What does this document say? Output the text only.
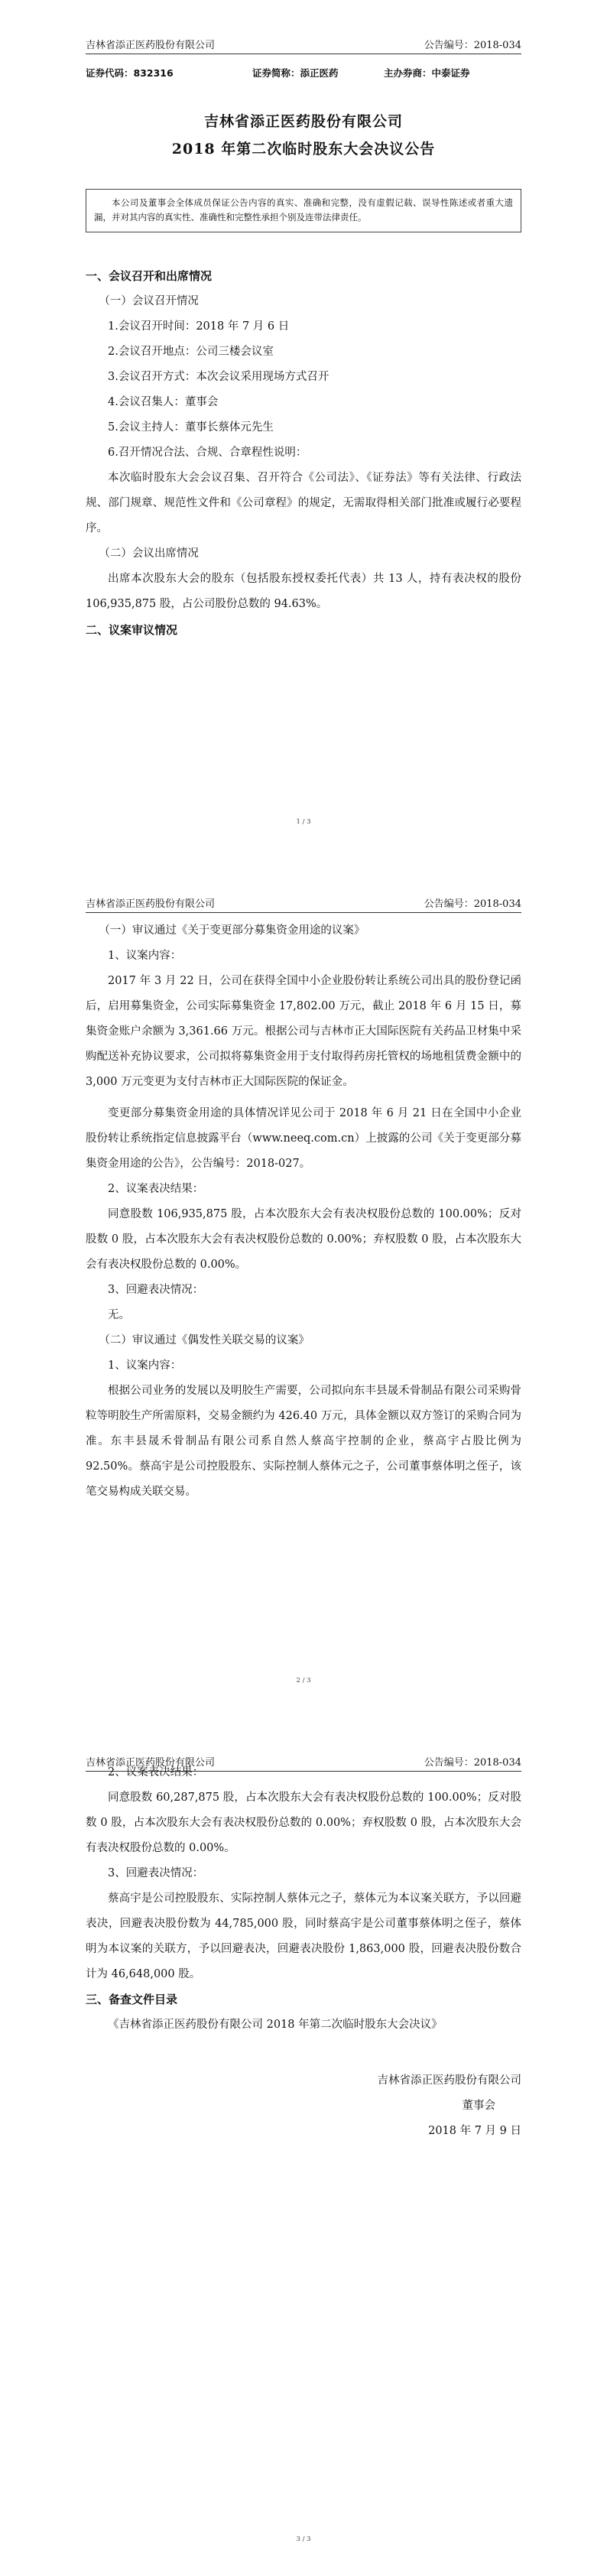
吉林省添正医药股份有限公司	公告编号：2018-034
证券代码：832316	证券简称：添正医药	主办券商：中泰证券
吉林省添正医药股份有限公司
2018 年第二次临时股东大会决议公告
本公司及董事会全体成员保证公告内容的真实、准确和完整，没有虚假记载、误导性陈述或者重大遗漏，并对其内容的真实性、准确性和完整性承担个别及连带法律责任。

一、会议召开和出席情况

（一）会议召开情况

1.会议召开时间：2018 年 7 月 6 日

2.会议召开地点：公司三楼会议室

3.会议召开方式：本次会议采用现场方式召开

4.会议召集人：董事会

5.会议主持人：董事长蔡体元先生

6.召开情况合法、合规、合章程性说明：

本次临时股东大会会议召集、召开符合《公司法》、《证券法》等有关法律、行政法规、部门规章、规范性文件和《公司章程》的规定，无需取得相关部门批准或履行必要程序。

（二）会议出席情况

出席本次股东大会的股东（包括股东授权委托代表）共 13 人，持有表决权的股份 106,935,875 股，占公司股份总数的 94.63%。

二、议案审议情况

1 / 3
吉林省添正医药股份有限公司	公告编号：2018-034

（一）审议通过《关于变更部分募集资金用途的议案》

1、议案内容：

2017 年 3 月 22 日，公司在获得全国中小企业股份转让系统公司出具的股份登记函后，启用募集资金，公司实际募集资金 17,802.00 万元，截止 2018 年 6 月 15 日，募集资金账户余额为 3,361.66 万元。根据公司与吉林市正大国际医院有关药品卫材集中采购配送补充协议要求，公司拟将募集资金用于支付取得药房托管权的场地租赁费金额中的 3,000 万元变更为支付吉林市正大国际医院的保证金。

变更部分募集资金用途的具体情况详见公司于 2018 年 6 月 21 日在全国中小企业股份转让系统指定信息披露平台（www.neeq.com.cn）上披露的公司《关于变更部分募集资金用途的公告》，公告编号：2018-027。

2、议案表决结果：

同意股数 106,935,875 股，占本次股东大会有表决权股份总数的 100.00%；反对股数 0 股，占本次股东大会有表决权股份总数的 0.00%；弃权股数 0 股，占本次股东大会有表决权股份总数的 0.00%。

3、回避表决情况：

无。

（二）审议通过《偶发性关联交易的议案》

1、议案内容：

根据公司业务的发展以及明胶生产需要，公司拟向东丰县晟禾骨制品有限公司采购骨粒等明胶生产所需原料，交易金额约为 426.40 万元，具体金额以双方签订的采购合同为准。东丰县晟禾骨制品有限公司系自然人蔡高宇控制的企业，蔡高宇占股比例为 92.50%。蔡高宇是公司控股股东、实际控制人蔡体元之子，公司董事蔡体明之侄子，该笔交易构成关联交易。

2 / 3
吉林省添正医药股份有限公司	公告编号：2018-034

2、议案表决结果：

同意股数 60,287,875 股，占本次股东大会有表决权股份总数的 100.00%；反对股数 0 股，占本次股东大会有表决权股份总数的 0.00%；弃权股数 0 股，占本次股东大会有表决权股份总数的 0.00%。

3、回避表决情况：

蔡高宇是公司控股股东、实际控制人蔡体元之子，蔡体元为本议案关联方，予以回避表决，回避表决股份数为 44,785,000 股，同时蔡高宇是公司董事蔡体明之侄子，蔡体明为本议案的关联方，予以回避表决，回避表决股份 1,863,000 股，回避表决股份数合计为 46,648,000 股。

三、备查文件目录

《吉林省添正医药股份有限公司 2018 年第二次临时股东大会决议》

吉林省添正医药股份有限公司

董事会

2018 年 7 月 9 日

3 / 3
